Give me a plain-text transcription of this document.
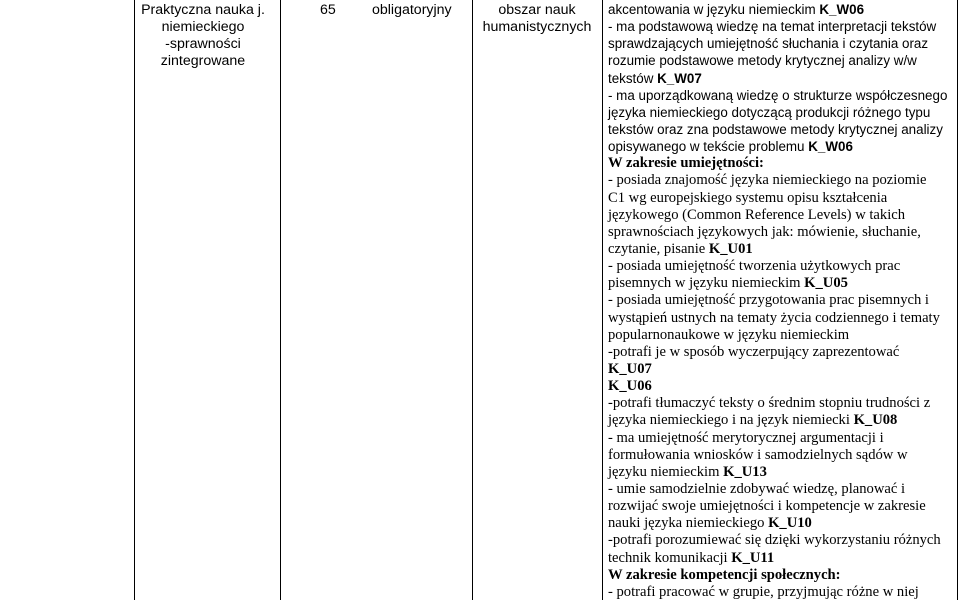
Praktyczna nauka j.
niemieckiego
-sprawności
zintegrowane
65	obligatoryjny	obszar nauk
humanistycznych
akcentowania w języku niemieckim K_W06
- ma podstawową wiedzę na temat interpretacji tekstów
sprawdzających umiejętność słuchania i czytania oraz
rozumie podstawowe metody krytycznej analizy w/w
tekstów K_W07
- ma uporządkowaną wiedzę o strukturze współczesnego
języka niemieckiego dotyczącą produkcji różnego typu
tekstów oraz zna podstawowe metody krytycznej analizy
opisywanego w tekście problemu K_W06
W zakresie umiejętności:
- posiada znajomość języka niemieckiego na poziomie
C1 wg europejskiego systemu opisu kształcenia
językowego (Common Reference Levels) w takich
sprawnościach językowych jak: mówienie, słuchanie,
czytanie, pisanie K_U01
- posiada umiejętność tworzenia użytkowych prac
pisemnych w języku niemieckim K_U05
- posiada umiejętność przygotowania prac pisemnych i
wystąpień ustnych na tematy życia codziennego i tematy
popularnonaukowe w języku niemieckim
-potrafi je w sposób wyczerpujący zaprezentować
K_U07
K_U06
-potrafi tłumaczyć teksty o średnim stopniu trudności z
języka niemieckiego i na język niemiecki K_U08
- ma umiejętność merytorycznej argumentacji i
formułowania wniosków i samodzielnych sądów w
języku niemieckim K_U13
- umie samodzielnie zdobywać wiedzę, planować i
rozwijać swoje umiejętności i kompetencje w zakresie
nauki języka niemieckiego K_U10
-potrafi porozumiewać się dzięki wykorzystaniu różnych
technik komunikacji K_U11
W zakresie kompetencji społecznych:
- potrafi pracować w grupie, przyjmując różne w niej
